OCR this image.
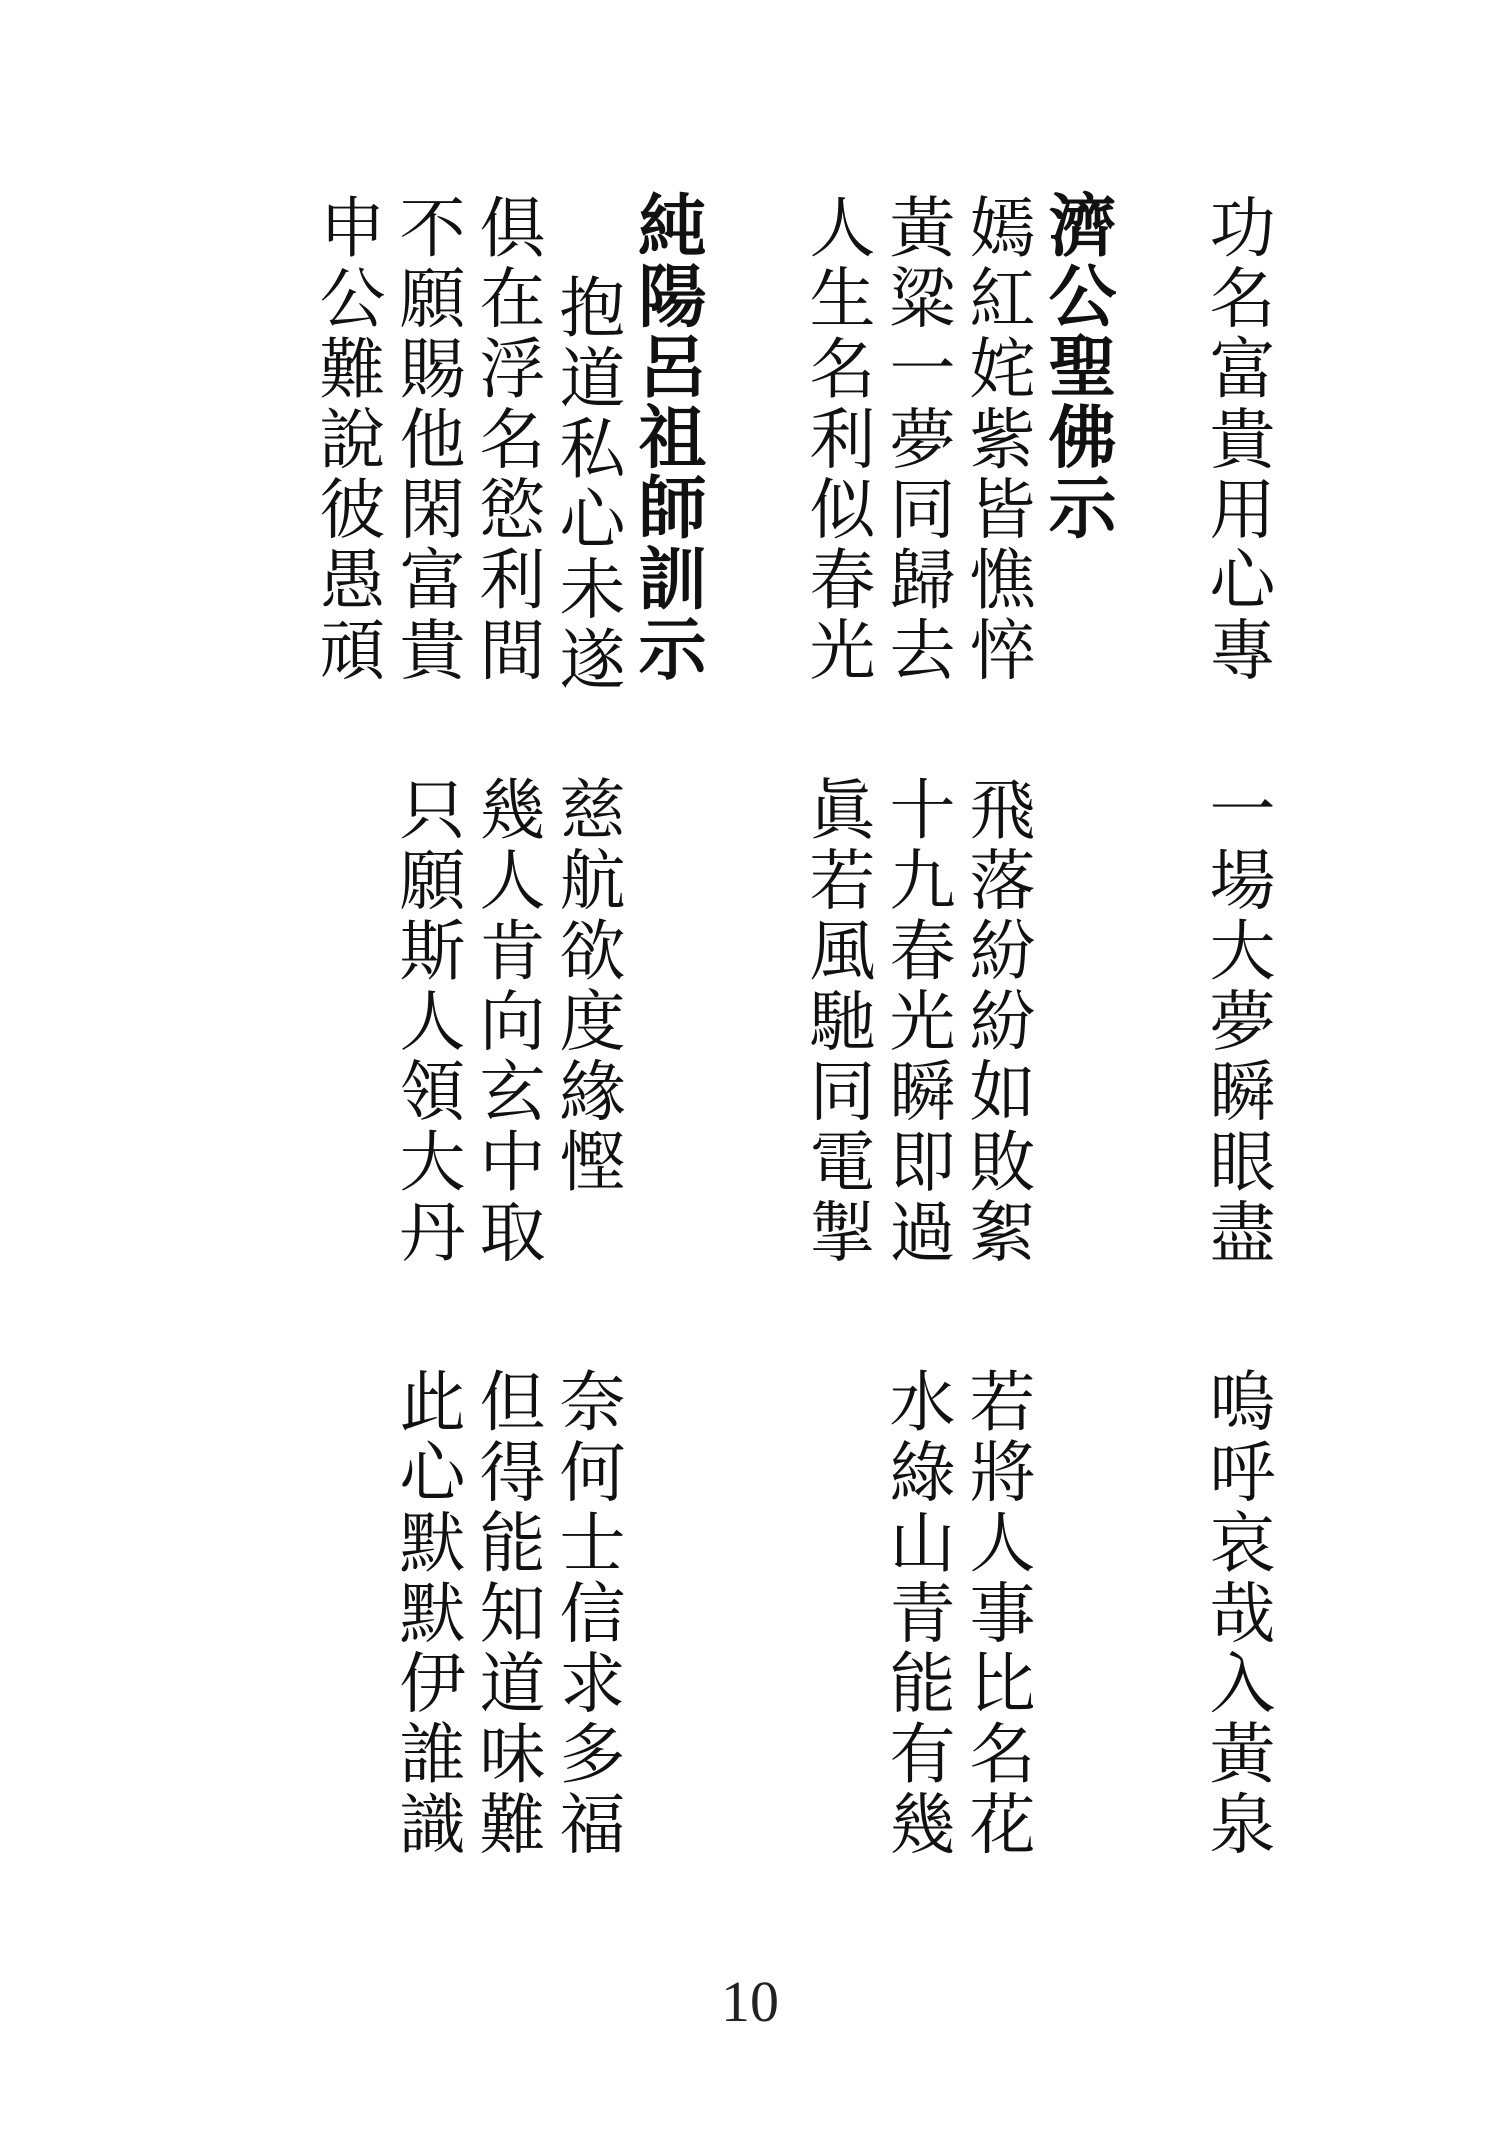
功名富貴用心專
一場大夢瞬眼盡
嗚呼哀哉入黃泉
濟公聖佛示
嫣紅姹紫皆憔悴
黃粱一夢同歸去
人生名利似春光
飛落紛紛如敗絮
十九春光瞬即過
眞若風馳同電掣
若將人事比名花
水綠山青能有幾
純陽呂祖師訓示
抱道私心未遂
俱在浮名慾利間
不願賜他閑富貴
申公難說彼愚頑
慈航欲度緣慳
幾人肯向玄中取
只願斯人領大丹
奈何士信求多福
但得能知道味難
此心默默伊誰識
10
